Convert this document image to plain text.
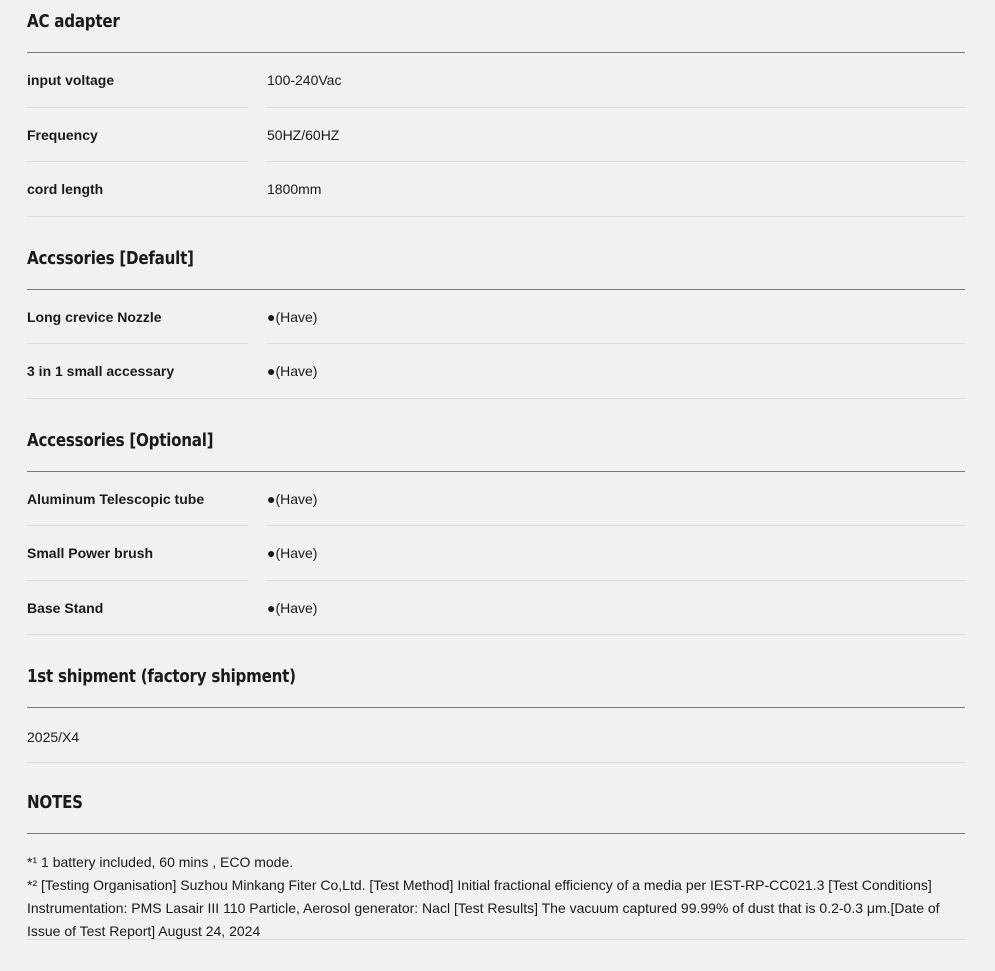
AC adapter
input voltage	100-240Vac
Frequency	50HZ/60HZ
cord length	1800mm
Accssories [Default]
Long crevice Nozzle	●(Have)
3 in 1 small accessary	●(Have)
Accessories [Optional]
Aluminum Telescopic tube	●(Have)
Small Power brush	●(Have)
Base Stand	●(Have)
1st shipment (factory shipment)
2025/X4
NOTES

*¹ 1 battery included, 60 mins , ECO mode.

*² [Testing Organisation] Suzhou Minkang Fiter Co,Ltd. [Test Method] Initial fractional efficiency of a media per IEST-RP-CC021.3 [Test Conditions] Instrumentation: PMS Lasair III 110 Particle, Aerosol generator: Nacl [Test Results] The vacuum captured 99.99% of dust that is 0.2-0.3 μm.[Date of Issue of Test Report] August 24, 2024
